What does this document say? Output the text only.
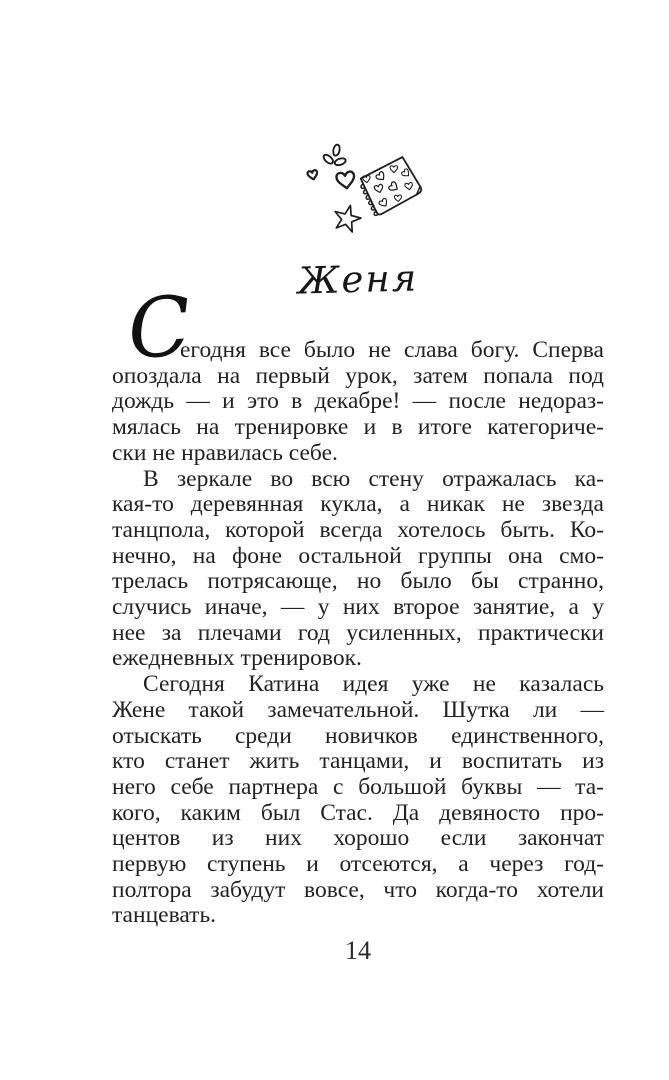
Женя
С
егодня все было не слава богу. Сперва
опоздала на первый урок, затем попала под
дождь — и это в декабре! — после недораз-
мялась на тренировке и в итоге категориче-
ски не нравилась себе.
В зеркале во всю стену отражалась ка-
кая-то деревянная кукла, а никак не звезда
танцпола, которой всегда хотелось быть. Ко-
нечно, на фоне остальной группы она смо-
трелась потрясающе, но было бы странно,
случись иначе, — у них второе занятие, а у
нее за плечами год усиленных, практически
ежедневных тренировок.
Сегодня Катина идея уже не казалась
Жене такой замечательной. Шутка ли —
отыскать среди новичков единственного,
кто станет жить танцами, и воспитать из
него себе партнера с большой буквы — та-
кого, каким был Стас. Да девяносто про-
центов из них хорошо если закончат
первую ступень и отсеются, а через год-
полтора забудут вовсе, что когда-то хотели
танцевать.
14
